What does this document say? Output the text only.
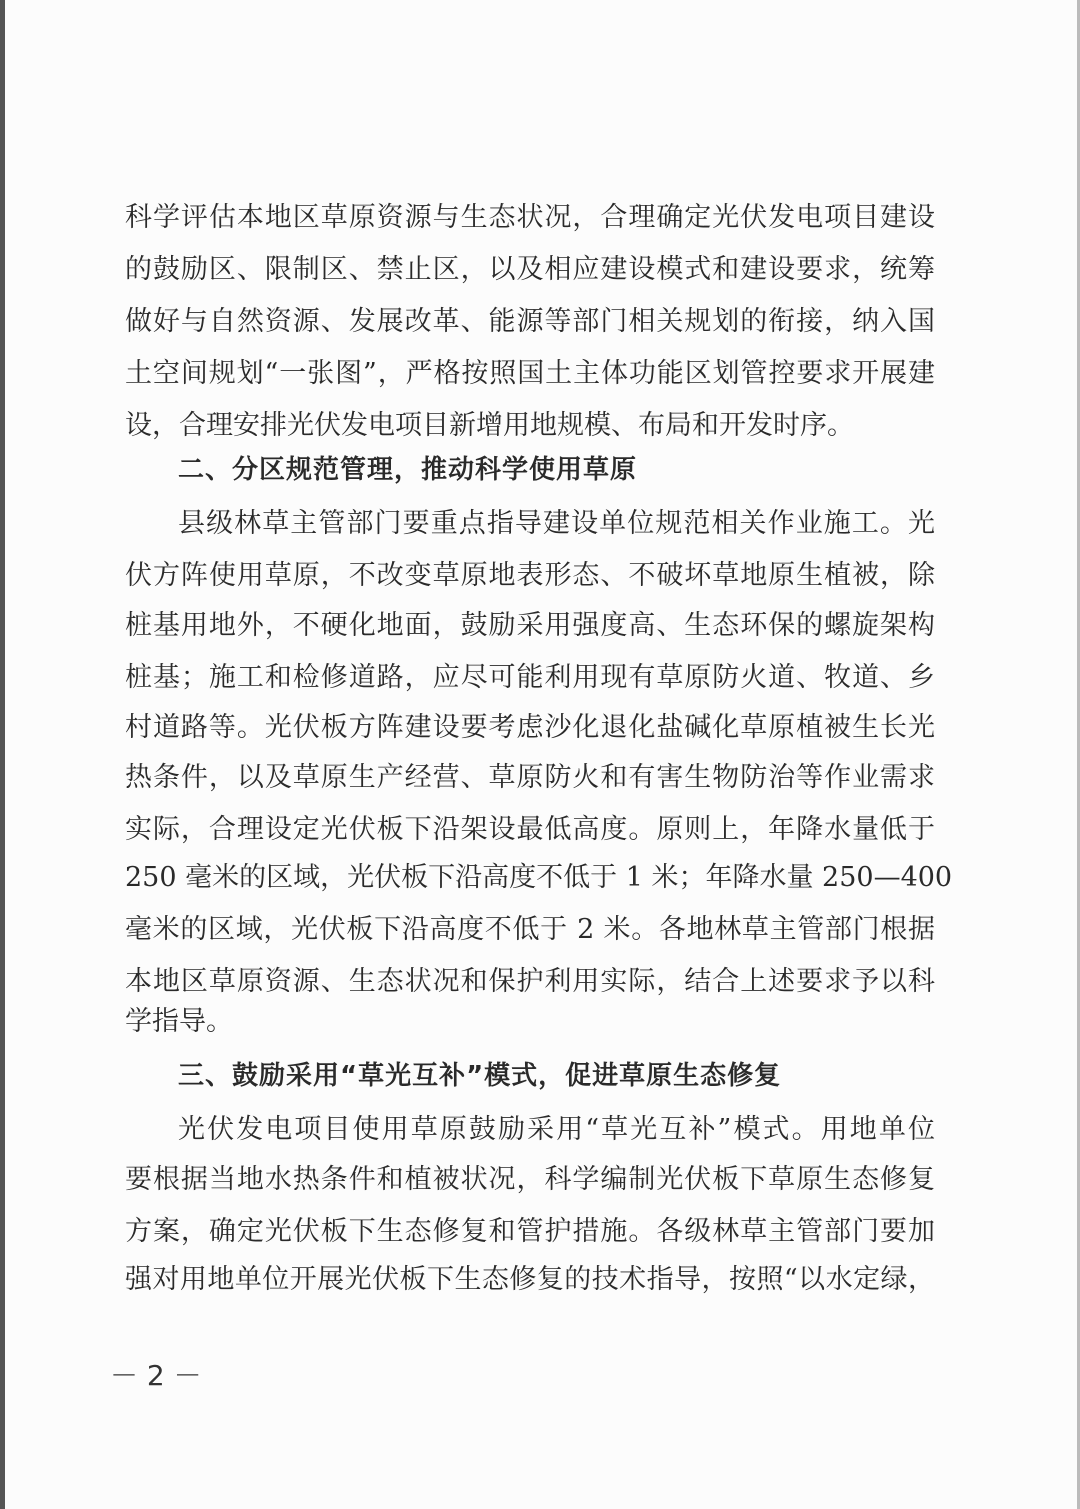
科学评估本地区草原资源与生态状况，合理确定光伏发电项目建设
的鼓励区、限制区、禁止区，以及相应建设模式和建设要求，统筹
做好与自然资源、发展改革、能源等部门相关规划的衔接，纳入国
土空间规划“一张图”，严格按照国土主体功能区划管控要求开展建
设，合理安排光伏发电项目新增用地规模、布局和开发时序。
二、分区规范管理，推动科学使用草原
县级林草主管部门要重点指导建设单位规范相关作业施工。光
伏方阵使用草原，不改变草原地表形态、不破坏草地原生植被，除
桩基用地外，不硬化地面，鼓励采用强度高、生态环保的螺旋架构
桩基；施工和检修道路，应尽可能利用现有草原防火道、牧道、乡
村道路等。光伏板方阵建设要考虑沙化退化盐碱化草原植被生长光
热条件，以及草原生产经营、草原防火和有害生物防治等作业需求
实际，合理设定光伏板下沿架设最低高度。原则上，年降水量低于
250 毫米的区域，光伏板下沿高度不低于 1 米；年降水量 250—400
毫米的区域，光伏板下沿高度不低于 2 米。各地林草主管部门根据
本地区草原资源、生态状况和保护利用实际，结合上述要求予以科
学指导。
三、鼓励采用“草光互补”模式，促进草原生态修复
光伏发电项目使用草原鼓励采用“草光互补”模式。用地单位
要根据当地水热条件和植被状况，科学编制光伏板下草原生态修复
方案，确定光伏板下生态修复和管护措施。各级林草主管部门要加
强对用地单位开展光伏板下生态修复的技术指导，按照“以水定绿，
－ 2 －
